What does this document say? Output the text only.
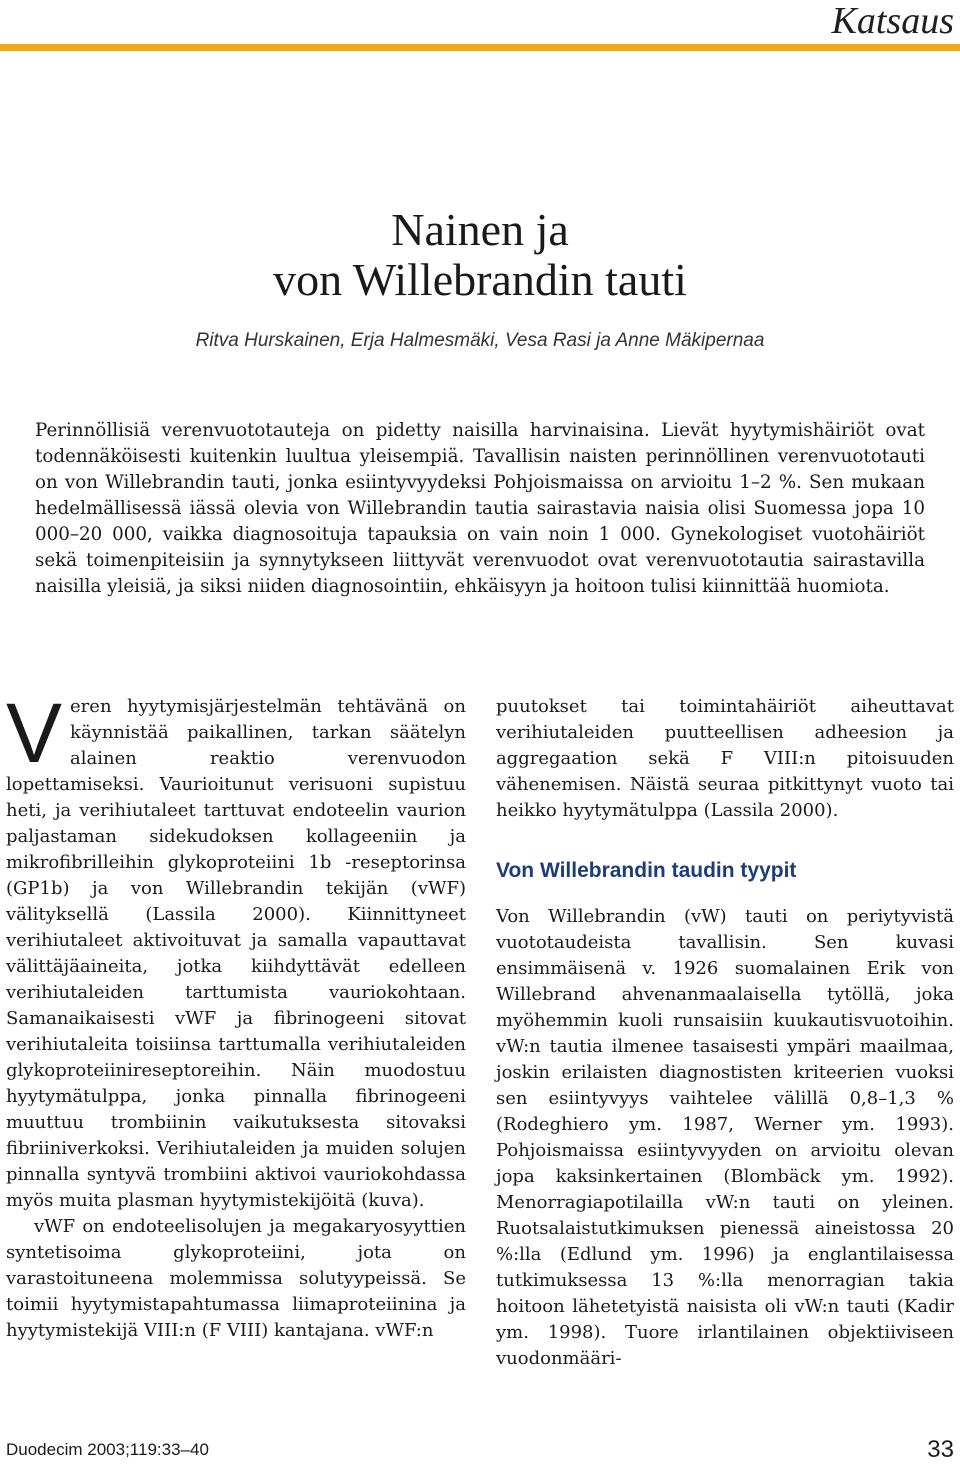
Katsaus
Nainen ja
von Willebrandin tauti
Ritva Hurskainen, Erja Halmesmäki, Vesa Rasi ja Anne Mäkipernaa

Perinnöllisiä verenvuototauteja on pidetty naisilla harvinaisina. Lievät hyytymishäiriöt ovat todennäköisesti kuitenkin luultua yleisempiä. Tavallisin naisten perinnöllinen verenvuototauti on von Willebrandin tauti, jonka esiintyvyydeksi Pohjoismaissa on arvioitu 1–2 %. Sen mukaan hedelmällisessä iässä olevia von Willebrandin tautia sairastavia naisia olisi Suomessa jopa 10 000–20 000, vaikka diagnosoituja tapauksia on vain noin 1 000. Gynekologiset vuotohäiriöt sekä toimenpiteisiin ja synnytykseen liittyvät verenvuodot ovat verenvuototautia sairastavilla naisilla yleisiä, ja siksi niiden diagnosointiin, ehkäisyyn ja hoitoon tulisi kiinnittää huomiota.

Veren hyytymisjärjestelmän tehtävänä on käynnistää paikallinen, tarkan säätelyn alainen reaktio verenvuodon lopettamiseksi. Vaurioitunut verisuoni supistuu heti, ja verihiutaleet tarttuvat endoteelin vaurion paljastaman sidekudoksen kollageeniin ja mikrofibrilleihin glykoproteiini 1b -reseptorinsa (GP1b) ja von Willebrandin tekijän (vWF) välityksellä (Lassila 2000). Kiinnittyneet verihiutaleet aktivoituvat ja samalla vapauttavat välittäjäaineita, jotka kiihdyttävät edelleen verihiutaleiden tarttumista vauriokohtaan. Samanaikaisesti vWF ja fibrinogeeni sitovat verihiutaleita toisiinsa tarttumalla verihiutaleiden glykoproteiinireseptoreihin. Näin muodostuu hyytymätulppa, jonka pinnalla fibrinogeeni muuttuu trombiinin vaikutuksesta sitovaksi fibriiniverkoksi. Verihiutaleiden ja muiden solujen pinnalla syntyvä trombiini aktivoi vauriokohdassa myös muita plasman hyytymistekijöitä (kuva).

vWF on endoteelisolujen ja megakaryosyyttien syntetisoima glykoproteiini, jota on varastoituneena molemmissa solutyypeissä. Se toimii hyytymistapahtumassa liimaproteiinina ja hyytymistekijä VIII:n (F VIII) kantajana. vWF:n

puutokset tai toimintahäiriöt aiheuttavat verihiutaleiden puutteellisen adheesion ja aggregaation sekä F VIII:n pitoisuuden vähenemisen. Näistä seuraa pitkittynyt vuoto tai heikko hyytymätulppa (Lassila 2000).

Von Willebrandin taudin tyypit

Von Willebrandin (vW) tauti on periytyvistä vuototaudeista tavallisin. Sen kuvasi ensimmäisenä v. 1926 suomalainen Erik von Willebrand ahvenanmaalaisella tytöllä, joka myöhemmin kuoli runsaisiin kuukautisvuotoihin. vW:n tautia ilmenee tasaisesti ympäri maailmaa, joskin erilaisten diagnostisten kriteerien vuoksi sen esiintyvyys vaihtelee välillä 0,8–1,3 % (Rodeghiero ym. 1987, Werner ym. 1993). Pohjoismaissa esiintyvyyden on arvioitu olevan jopa kaksinkertainen (Blombäck ym. 1992). Menorragiapotilailla vW:n tauti on yleinen. Ruotsalaistutkimuksen pienessä aineistossa 20 %:lla (Edlund ym. 1996) ja englantilaisessa tutkimuksessa 13 %:lla menorragian takia hoitoon lähetetyistä naisista oli vW:n tauti (Kadir ym. 1998). Tuore irlantilainen objektiiviseen vuodonmääri-

Duodecim 2003;119:33–40	33
